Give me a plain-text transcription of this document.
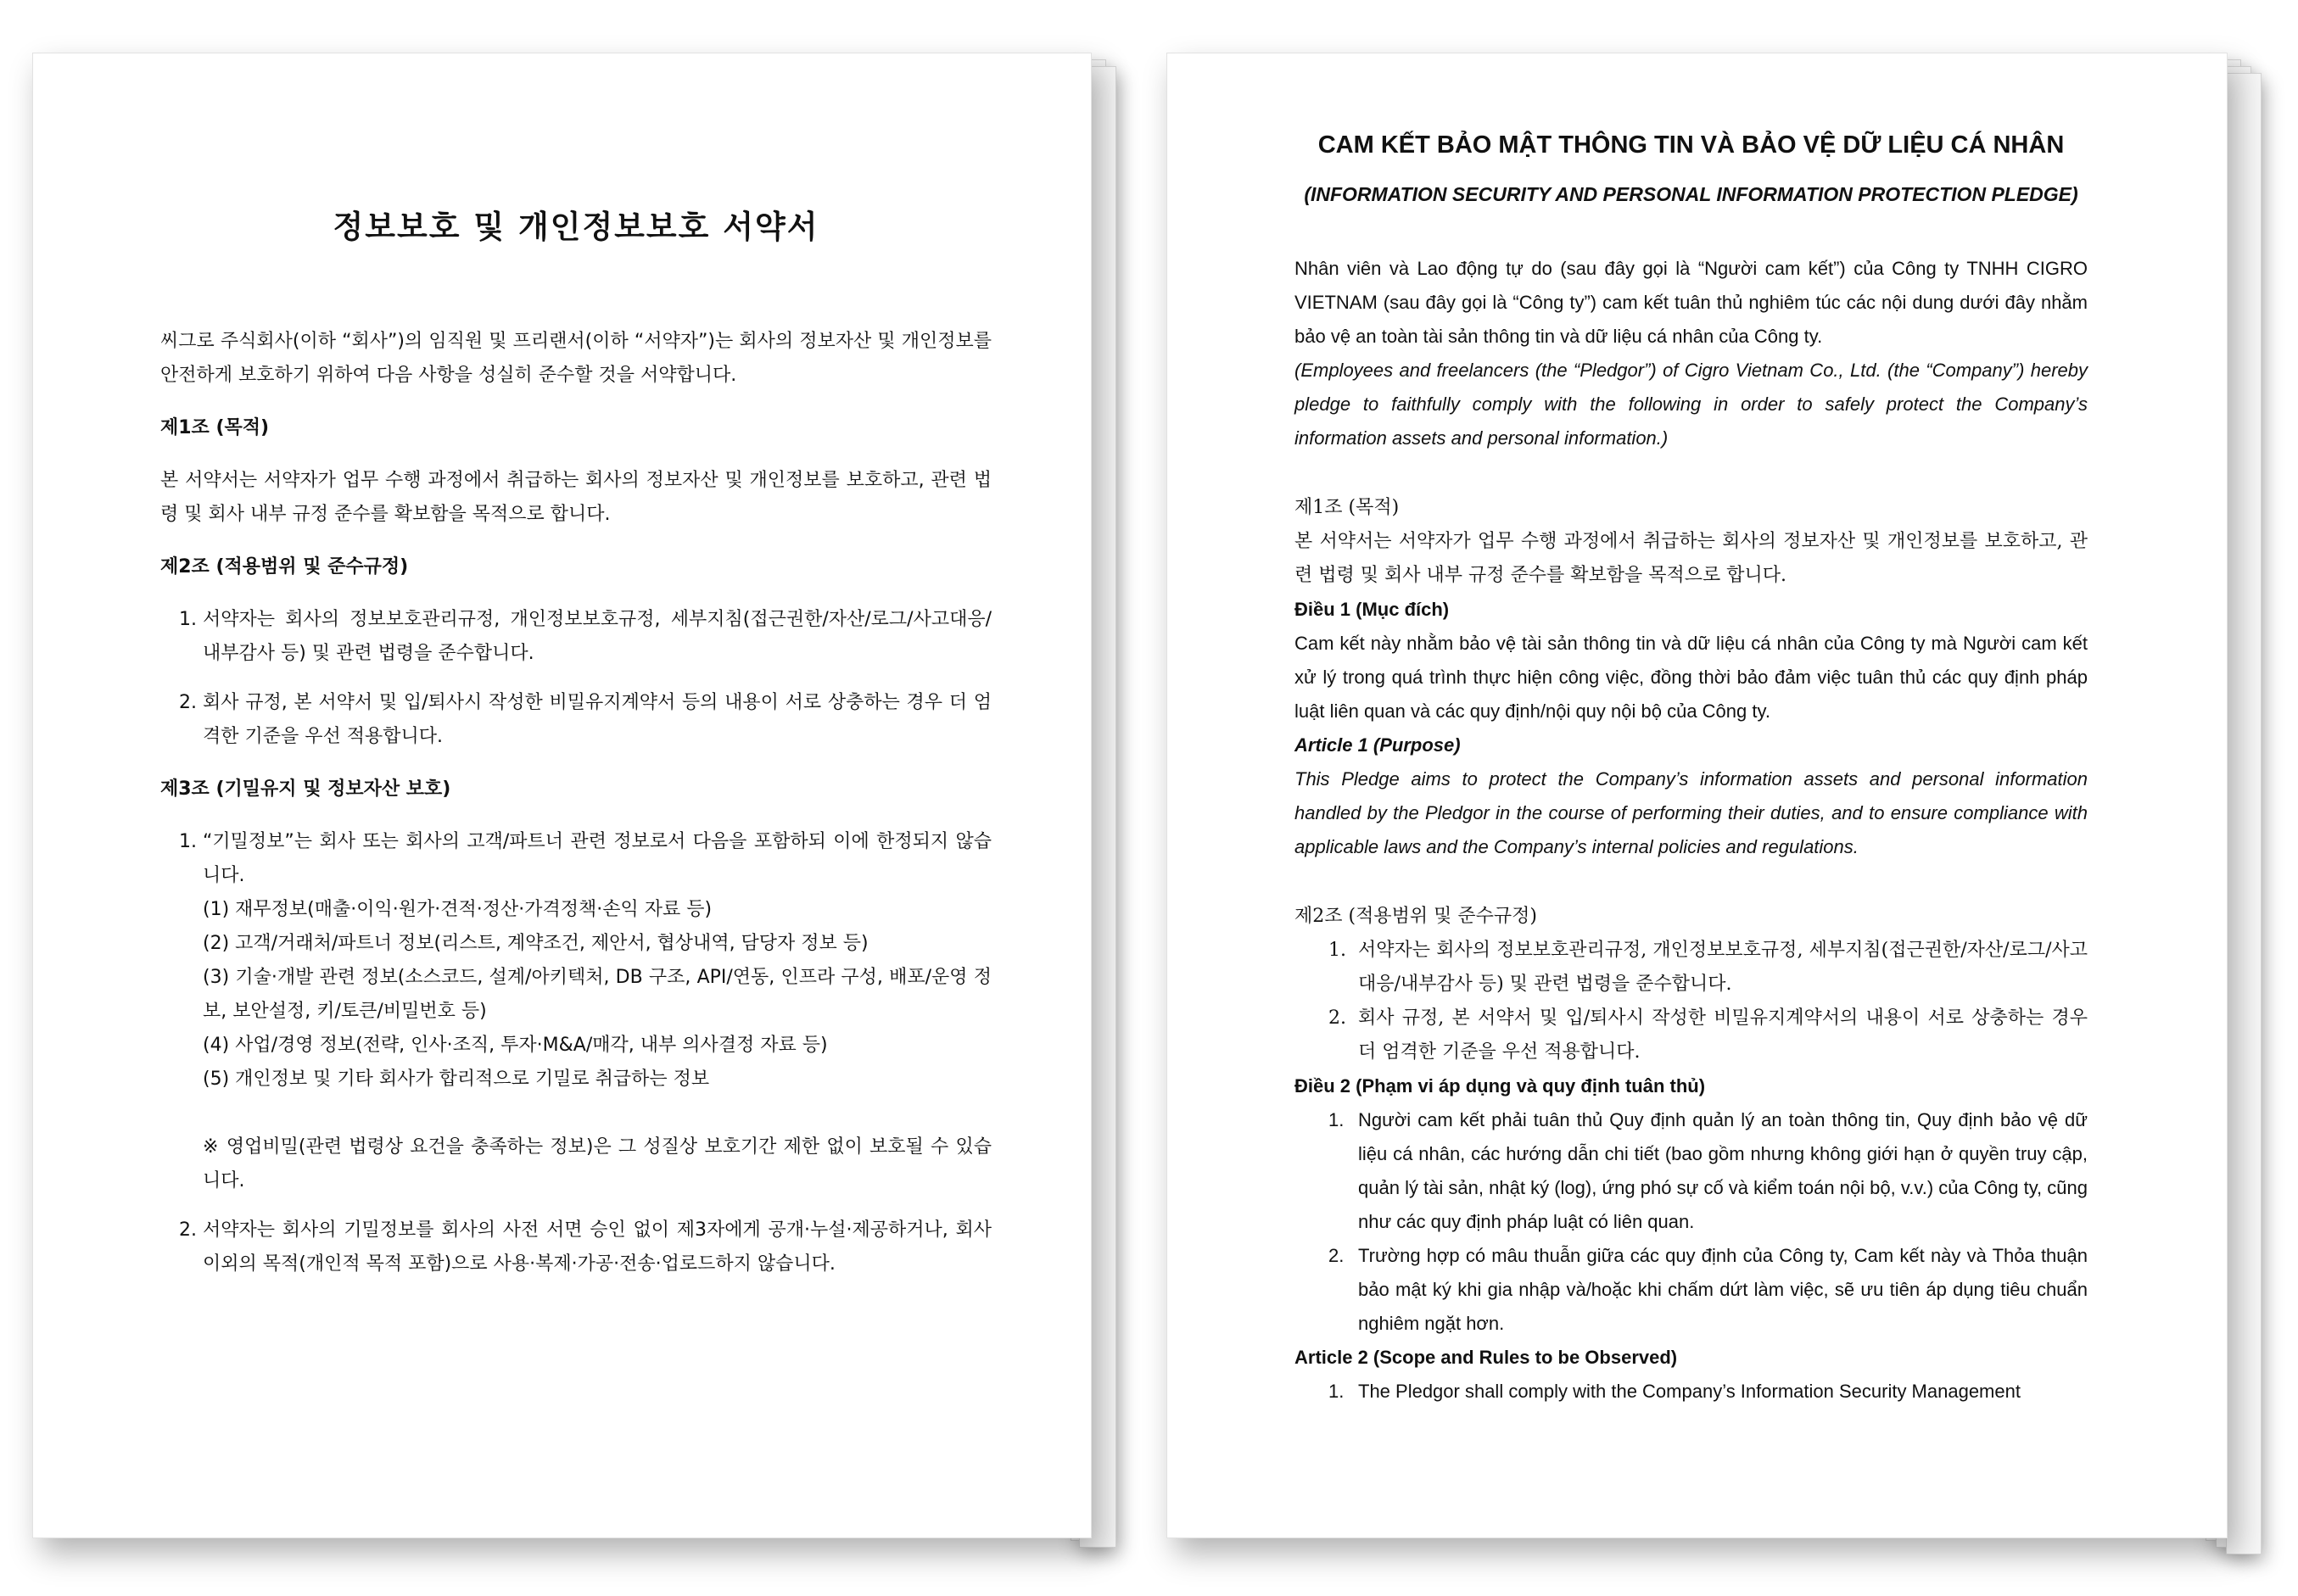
정보보호 및 개인정보보호 서약서

씨그로 주식회사(이하 “회사”)의 임직원 및 프리랜서(이하 “서약자”)는 회사의 정보자산 및 개인정보를 안전하게 보호하기 위하여 다음 사항을 성실히 준수할 것을 서약합니다.

제1조 (목적)

본 서약서는 서약자가 업무 수행 과정에서 취급하는 회사의 정보자산 및 개인정보를 보호하고, 관련 법령 및 회사 내부 규정 준수를 확보함을 목적으로 합니다.

제2조 (적용범위 및 준수규정)
1. 서약자는 회사의 정보보호관리규정, 개인정보보호규정, 세부지침(접근권한/자산/로그/사고대응/내부감사 등) 및 관련 법령을 준수합니다.
2. 회사 규정, 본 서약서 및 입/퇴사시 작성한 비밀유지계약서 등의 내용이 서로 상충하는 경우 더 엄격한 기준을 우선 적용합니다.
제3조 (기밀유지 및 정보자산 보호)
1. “기밀정보”는 회사 또는 회사의 고객/파트너 관련 정보로서 다음을 포함하되 이에 한정되지 않습니다.
(1) 재무정보(매출·이익·원가·견적·정산·가격정책·손익 자료 등)
(2) 고객/거래처/파트너 정보(리스트, 계약조건, 제안서, 협상내역, 담당자 정보 등)
(3) 기술·개발 관련 정보(소스코드, 설계/아키텍처, DB 구조, API/연동, 인프라 구성, 배포/운영 정보, 보안설정, 키/토큰/비밀번호 등)
(4) 사업/경영 정보(전략, 인사·조직, 투자·M&A/매각, 내부 의사결정 자료 등)
(5) 개인정보 및 기타 회사가 합리적으로 기밀로 취급하는 정보
※ 영업비밀(관련 법령상 요건을 충족하는 정보)은 그 성질상 보호기간 제한 없이 보호될 수 있습니다.
2. 서약자는 회사의 기밀정보를 회사의 사전 서면 승인 없이 제3자에게 공개·누설·제공하거나, 회사 이외의 목적(개인적 목적 포함)으로 사용·복제·가공·전송·업로드하지 않습니다.
CAM KẾT BẢO MẬT THÔNG TIN VÀ BẢO VỆ DỮ LIỆU CÁ NHÂN
(INFORMATION SECURITY AND PERSONAL INFORMATION PROTECTION PLEDGE)

Nhân viên và Lao động tự do (sau đây gọi là “Người cam kết”) của Công ty TNHH CIGRO VIETNAM (sau đây gọi là “Công ty”) cam kết tuân thủ nghiêm túc các nội dung dưới đây nhằm bảo vệ an toàn tài sản thông tin và dữ liệu cá nhân của Công ty.

(Employees and freelancers (the “Pledgor”) of Cigro Vietnam Co., Ltd. (the “Company”) hereby pledge to faithfully comply with the following in order to safely protect the Company’s information assets and personal information.)

제1조 (목적)

본 서약서는 서약자가 업무 수행 과정에서 취급하는 회사의 정보자산 및 개인정보를 보호하고, 관련 법령 및 회사 내부 규정 준수를 확보함을 목적으로 합니다.

Điều 1 (Mục đích)

Cam kết này nhằm bảo vệ tài sản thông tin và dữ liệu cá nhân của Công ty mà Người cam kết xử lý trong quá trình thực hiện công việc, đồng thời bảo đảm việc tuân thủ các quy định pháp luật liên quan và các quy định/nội quy nội bộ của Công ty.

Article 1 (Purpose)

This Pledge aims to protect the Company’s information assets and personal information handled by the Pledgor in the course of performing their duties, and to ensure compliance with applicable laws and the Company’s internal policies and regulations.

제2조 (적용범위 및 준수규정)
1. 서약자는 회사의 정보보호관리규정, 개인정보보호규정, 세부지침(접근권한/자산/로그/사고대응/내부감사 등) 및 관련 법령을 준수합니다.
2. 회사 규정, 본 서약서 및 입/퇴사시 작성한 비밀유지계약서의 내용이 서로 상충하는 경우 더 엄격한 기준을 우선 적용합니다.
Điều 2 (Phạm vi áp dụng và quy định tuân thủ)
1. Người cam kết phải tuân thủ Quy định quản lý an toàn thông tin, Quy định bảo vệ dữ liệu cá nhân, các hướng dẫn chi tiết (bao gồm nhưng không giới hạn ở quyền truy cập, quản lý tài sản, nhật ký (log), ứng phó sự cố và kiểm toán nội bộ, v.v.) của Công ty, cũng như các quy định pháp luật có liên quan.
2. Trường hợp có mâu thuẫn giữa các quy định của Công ty, Cam kết này và Thỏa thuận bảo mật ký khi gia nhập và/hoặc khi chấm dứt làm việc, sẽ ưu tiên áp dụng tiêu chuẩn nghiêm ngặt hơn.
Article 2 (Scope and Rules to be Observed)
1. The Pledgor shall comply with the Company’s Information Security Management
